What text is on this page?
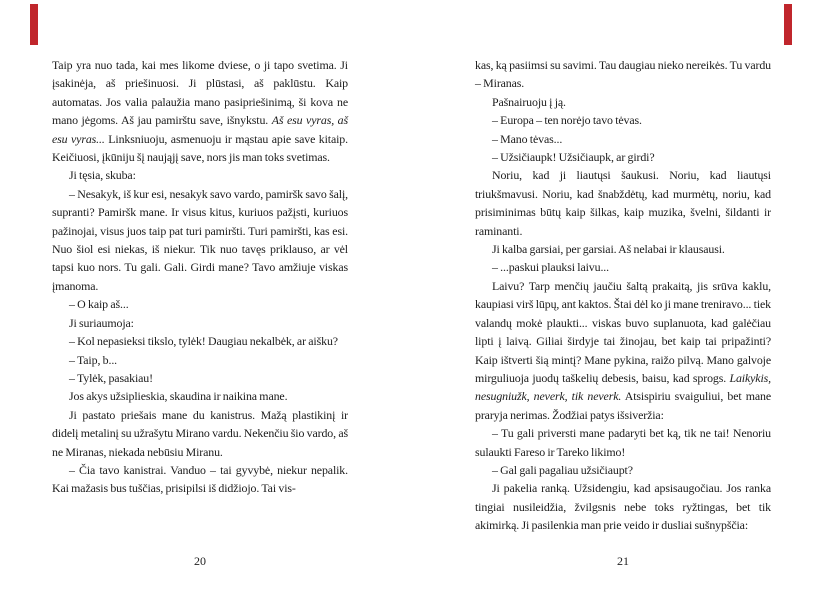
Taip yra nuo tada, kai mes likome dviese, o ji tapo svetima. Ji įsakinėja, aš priešinuosi. Ji plūstasi, aš paklūstu. Kaip automatas. Jos valia palaužia mano pasipriešinimą, ši kova ne mano jėgoms. Aš jau pamirštu save, išnykstu. Aš esu vyras, aš esu vyras... Linksniuoju, asmenuoju ir mąstau apie save kitaip. Keičiuosi, įkūniju šį naująjį save, nors jis man toks svetimas.

Ji tęsia, skuba:

– Nesakyk, iš kur esi, nesakyk savo vardo, pamiršk savo šalį, supranti? Pamiršk mane. Ir visus kitus, kuriuos pažįsti, kuriuos pažinojai, visus juos taip pat turi pamiršti. Turi pamiršti, kas esi. Nuo šiol esi niekas, iš niekur. Tik nuo tavęs priklauso, ar vėl tapsi kuo nors. Tu gali. Gali. Girdi mane? Tavo amžiuje viskas įmanoma.

– O kaip aš...

Ji suriaumoja:

– Kol nepasieksi tikslo, tylėk! Daugiau nekalbėk, ar aišku?

– Taip, b...

– Tylėk, pasakiau!

Jos akys užsiplieskia, skaudina ir naikina mane.

Ji pastato priešais mane du kanistrus. Mažą plastikinį ir didelį metalinį su užrašytu Mirano vardu. Nekenčiu šio vardo, aš ne Miranas, niekada nebūsiu Miranu.

– Čia tavo kanistrai. Vanduo – tai gyvybė, niekur nepalik. Kai mažasis bus tuščias, prisipilsi iš didžiojo. Tai vis-

kas, ką pasiimsi su savimi. Tau daugiau nieko nereikės. Tu vardu – Miranas.

Pašnairuoju į ją.

– Europa – ten norėjo tavo tėvas.

– Mano tėvas...

– Užsičiaupk! Užsičiaupk, ar girdi?

Noriu, kad ji liautųsi šaukusi. Noriu, kad liautųsi triukšmavusi. Noriu, kad šnabždėtų, kad murmėtų, noriu, kad prisiminimas būtų kaip šilkas, kaip muzika, švelni, šildanti ir raminanti.

Ji kalba garsiai, per garsiai. Aš nelabai ir klausausi.

– ...paskui plauksi laivu...

Laivu? Tarp menčių jaučiu šaltą prakaitą, jis srūva kaklu, kaupiasi virš lūpų, ant kaktos. Štai dėl ko ji mane treniravo... tiek valandų mokė plaukti... viskas buvo suplanuota, kad galėčiau lipti į laivą. Giliai širdyje tai žinojau, bet kaip tai pripažinti? Kaip ištverti šią mintį? Mane pykina, raižo pilvą. Mano galvoje mirguliuoja juodų taškelių debesis, baisu, kad sprogs. Laikykis, nesugniužk, neverk, tik neverk. Atsispiriu svaiguliui, bet mane praryja nerimas. Žodžiai patys išsiveržia:

– Tu gali priversti mane padaryti bet ką, tik ne tai! Nenoriu sulaukti Fareso ir Tareko likimo!

– Gal gali pagaliau užsičiaupt?

Ji pakelia ranką. Užsidengiu, kad apsisaugočiau. Jos ranka tingiai nusileidžia, žvilgsnis nebe toks ryžtingas, bet tik akimirką. Ji pasilenkia man prie veido ir dusliai sušnypščia:

20	21
